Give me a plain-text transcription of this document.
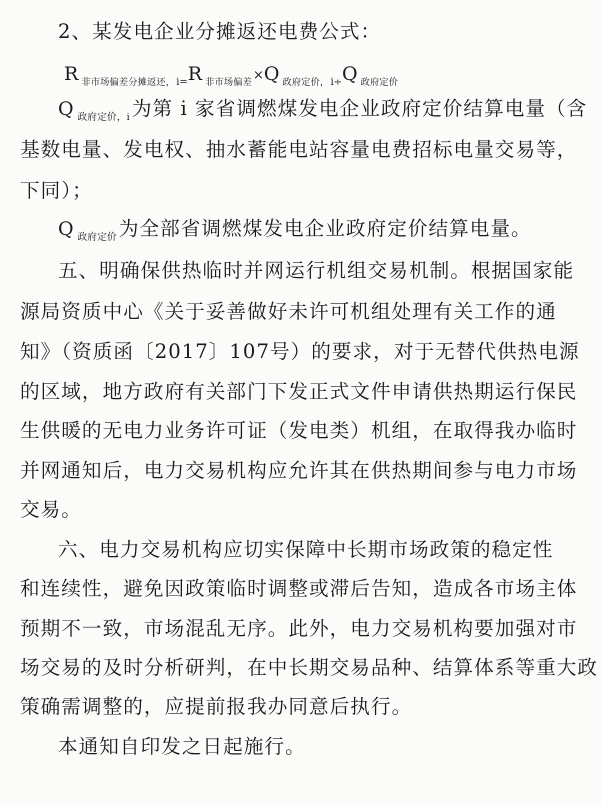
2、某发电企业分摊返还电费公式：
R $_{非市场偏差分摊返还,i=}$R $_{非市场偏差}$×Q $_{政府定价,i\div}$Q $_{政府定价}$
Q $_{政府定价,i}$ 为第 i 家省调燃煤发电企业政府定价结算电量（含
基数电量、发电权、抽水蓄能电站容量电费招标电量交易等，
下同）；
Q $_{政府定价}$ 为全部省调燃煤发电企业政府定价结算电量。
五、明确保供热临时并网运行机组交易机制。根据国家能
源局资质中心《关于妥善做好未许可机组处理有关工作的通
知》（资质函〔2017〕107号）的要求，对于无替代供热电源
的区域，地方政府有关部门下发正式文件申请供热期运行保民
生供暖的无电力业务许可证（发电类）机组，在取得我办临时
并网通知后，电力交易机构应允许其在供热期间参与电力市场
交易。
六、电力交易机构应切实保障中长期市场政策的稳定性
和连续性，避免因政策临时调整或滞后告知，造成各市场主体
预期不一致，市场混乱无序。此外，电力交易机构要加强对市
场交易的及时分析研判，在中长期交易品种、结算体系等重大政
策确需调整的，应提前报我办同意后执行。
本通知自印发之日起施行。
